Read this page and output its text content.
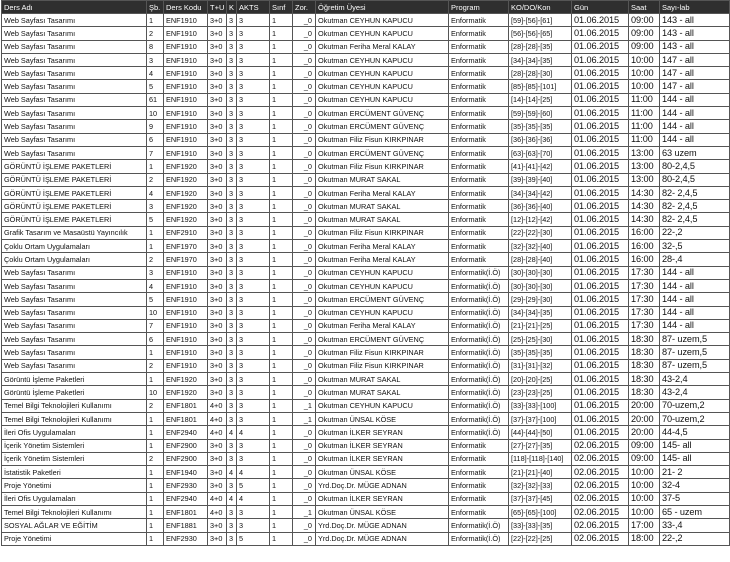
Ders Adı	Şb.	Ders Kodu	T+U	K	AKTS	Sınf	Zor.	Öğretim Üyesi	Program	KO/DO/Kon	Gün	Saat	Sayı-lab
Web Sayfası Tasarımı	1	ENF1910	3+0	3	3	1	_0	Okutman CEYHUN KAPUCU	Enformatik	[59]-[56]-[61]	01.06.2015	09:00	143 - all
Web Sayfası Tasarımı	2	ENF1910	3+0	3	3	1	_0	Okutman CEYHUN KAPUCU	Enformatik	[56]-[56]-[65]	01.06.2015	09:00	143 - all
Web Sayfası Tasarımı	8	ENF1910	3+0	3	3	1	_0	Okutman Feriha Meral KALAY	Enformatik	[28]-[28]-[35]	01.06.2015	09:00	143 - all
Web Sayfası Tasarımı	3	ENF1910	3+0	3	3	1	_0	Okutman CEYHUN KAPUCU	Enformatik	[34]-[34]-[35]	01.06.2015	10:00	147 - all
Web Sayfası Tasarımı	4	ENF1910	3+0	3	3	1	_0	Okutman CEYHUN KAPUCU	Enformatik	[28]-[28]-[30]	01.06.2015	10:00	147 - all
Web Sayfası Tasarımı	5	ENF1910	3+0	3	3	1	_0	Okutman CEYHUN KAPUCU	Enformatik	[85]-[85]-[101]	01.06.2015	10:00	147 - all
Web Sayfası Tasarımı	61	ENF1910	3+0	3	3	1	_0	Okutman CEYHUN KAPUCU	Enformatik	[14]-[14]-[25]	01.06.2015	11:00	144 - all
Web Sayfası Tasarımı	10	ENF1910	3+0	3	3	1	_0	Okutman ERCÜMENT GÜVENÇ	Enformatik	[59]-[59]-[60]	01.06.2015	11:00	144 - all
Web Sayfası Tasarımı	9	ENF1910	3+0	3	3	1	_0	Okutman ERCÜMENT GÜVENÇ	Enformatik	[35]-[35]-[35]	01.06.2015	11:00	144 - all
Web Sayfası Tasarımı	6	ENF1910	3+0	3	3	1	_0	Okutman Filiz Fisun KIRKPINAR	Enformatik	[36]-[36]-[36]	01.06.2015	11:00	144 - all
Web Sayfası Tasarımı	7	ENF1910	3+0	3	3	1	_0	Okutman ERCÜMENT GÜVENÇ	Enformatik	[63]-[63]-[70]	01.06.2015	13:00	63 uzem
GÖRÜNTÜ İŞLEME PAKETLERİ	1	ENF1920	3+0	3	3	1	_0	Okutman Filiz Fisun KIRKPINAR	Enformatik	[41]-[41]-[42]	01.06.2015	13:00	80-2,4,5
GÖRÜNTÜ İŞLEME PAKETLERİ	2	ENF1920	3+0	3	3	1	_0	Okutman MURAT SAKAL	Enformatik	[39]-[39]-[40]	01.06.2015	13:00	80-2,4,5
GÖRÜNTÜ İŞLEME PAKETLERİ	4	ENF1920	3+0	3	3	1	_0	Okutman Feriha Meral KALAY	Enformatik	[34]-[34]-[42]	01.06.2015	14:30	82- 2,4,5
GÖRÜNTÜ İŞLEME PAKETLERİ	3	ENF1920	3+0	3	3	1	_0	Okutman MURAT SAKAL	Enformatik	[36]-[36]-[40]	01.06.2015	14:30	82- 2,4,5
GÖRÜNTÜ İŞLEME PAKETLERİ	5	ENF1920	3+0	3	3	1	_0	Okutman MURAT SAKAL	Enformatik	[12]-[12]-[42]	01.06.2015	14:30	82- 2,4,5
Grafik Tasarım ve Masaüstü Yayıncılık	1	ENF2910	3+0	3	3	1	_0	Okutman Filiz Fisun KIRKPINAR	Enformatik	[22]-[22]-[30]	01.06.2015	16:00	22-,2
Çoklu Ortam Uygulamaları	1	ENF1970	3+0	3	3	1	_0	Okutman Feriha Meral KALAY	Enformatik	[32]-[32]-[40]	01.06.2015	16:00	32-,5
Çoklu Ortam Uygulamaları	2	ENF1970	3+0	3	3	1	_0	Okutman Feriha Meral KALAY	Enformatik	[28]-[28]-[40]	01.06.2015	16:00	28-,4
Web Sayfası Tasarımı	3	ENF1910	3+0	3	3	1	_0	Okutman CEYHUN KAPUCU	Enformatik(İ.Ö)	[30]-[30]-[30]	01.06.2015	17:30	144 - all
Web Sayfası Tasarımı	4	ENF1910	3+0	3	3	1	_0	Okutman CEYHUN KAPUCU	Enformatik(İ.Ö)	[30]-[30]-[30]	01.06.2015	17:30	144 - all
Web Sayfası Tasarımı	5	ENF1910	3+0	3	3	1	_0	Okutman ERCÜMENT GÜVENÇ	Enformatik(İ.Ö)	[29]-[29]-[30]	01.06.2015	17:30	144 - all
Web Sayfası Tasarımı	10	ENF1910	3+0	3	3	1	_0	Okutman CEYHUN KAPUCU	Enformatik(İ.Ö)	[34]-[34]-[35]	01.06.2015	17:30	144 - all
Web Sayfası Tasarımı	7	ENF1910	3+0	3	3	1	_0	Okutman Feriha Meral KALAY	Enformatik(İ.Ö)	[21]-[21]-[25]	01.06.2015	17:30	144 - all
Web Sayfası Tasarımı	6	ENF1910	3+0	3	3	1	_0	Okutman ERCÜMENT GÜVENÇ	Enformatik(İ.Ö)	[25]-[25]-[30]	01.06.2015	18:30	87- uzem,5
Web Sayfası Tasarımı	1	ENF1910	3+0	3	3	1	_0	Okutman Filiz Fisun KIRKPINAR	Enformatik(İ.Ö)	[35]-[35]-[35]	01.06.2015	18:30	87- uzem,5
Web Sayfası Tasarımı	2	ENF1910	3+0	3	3	1	_0	Okutman Filiz Fisun KIRKPINAR	Enformatik(İ.Ö)	[31]-[31]-[32]	01.06.2015	18:30	87- uzem,5
Görüntü İşleme Paketleri	1	ENF1920	3+0	3	3	1	_0	Okutman MURAT SAKAL	Enformatik(İ.Ö)	[20]-[20]-[25]	01.06.2015	18:30	43-2,4
Görüntü İşleme Paketleri	10	ENF1920	3+0	3	3	1	_0	Okutman MURAT SAKAL	Enformatik(İ.Ö)	[23]-[23]-[25]	01.06.2015	18:30	43-2,4
Temel Bilgi Teknolojileri Kullanımı	2	ENF1801	4+0	3	3	1	_1	Okutman CEYHUN KAPUCU	Enformatik(İ.Ö)	[33]-[33]-[100]	01.06.2015	20:00	70-uzem,2
Temel Bilgi Teknolojileri Kullanımı	1	ENF1801	4+0	3	3	1	_1	Okutman ÜNSAL KÖSE	Enformatik(İ.Ö)	[37]-[37]-[100]	01.06.2015	20:00	70-uzem,2
İleri Ofis Uygulamaları	1	ENF2940	4+0	4	4	1	_0	Okutman İLKER SEYRAN	Enformatik(İ.Ö)	[44]-[44]-[50]	01.06.2015	20:00	44-4,5
İçerik Yönetim Sistemleri	1	ENF2900	3+0	3	3	1	_0	Okutman İLKER SEYRAN	Enformatik	[27]-[27]-[35]	02.06.2015	09:00	145- all
İçerik Yönetim Sistemleri	2	ENF2900	3+0	3	3	1	_0	Okutman İLKER SEYRAN	Enformatik	[118]-[118]-[140]	02.06.2015	09:00	145- all
İstatistik Paketleri	1	ENF1940	3+0	4	4	1	_0	Okutman ÜNSAL KÖSE	Enformatik	[21]-[21]-[40]	02.06.2015	10:00	21- 2
Proje Yönetimi	1	ENF2930	3+0	3	5	1	_0	Yrd.Doç.Dr. MÜGE ADNAN	Enformatik	[32]-[32]-[33]	02.06.2015	10:00	32-4
İleri Ofis Uygulamaları	1	ENF2940	4+0	4	4	1	_0	Okutman İLKER SEYRAN	Enformatik	[37]-[37]-[45]	02.06.2015	10:00	37-5
Temel Bilgi Teknolojileri Kullanımı	1	ENF1801	4+0	3	3	1	_1	Okutman ÜNSAL KÖSE	Enformatik	[65]-[65]-[100]	02.06.2015	10:00	65 - uzem
SOSYAL AĞLAR VE EĞİTİM	1	ENF1881	3+0	3	3	1	_0	Yrd.Doç.Dr. MÜGE ADNAN	Enformatik(İ.Ö)	[33]-[33]-[35]	02.06.2015	17:00	33-,4
Proje Yönetimi	1	ENF2930	3+0	3	5	1	_0	Yrd.Doç.Dr. MÜGE ADNAN	Enformatik(İ.Ö)	[22]-[22]-[25]	02.06.2015	18:00	22-,2
